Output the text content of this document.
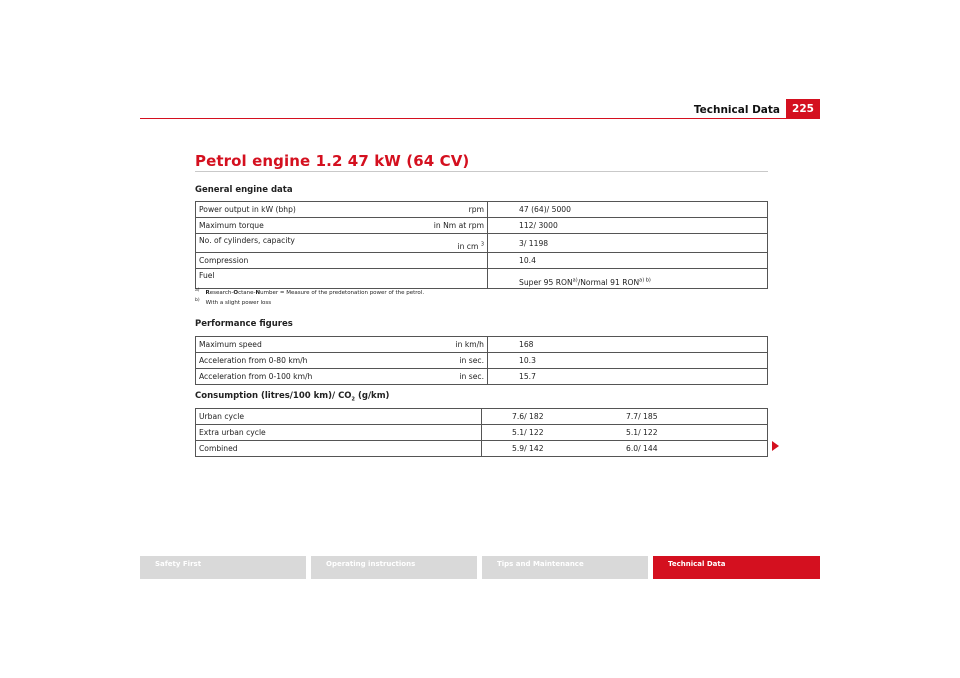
Technical Data	225
Petrol engine 1.2 47 kW (64 CV)
General engine data
Power output in kW (bhp)	rpm	47 (64)/ 5000
Maximum torque	in Nm at rpm	112/ 3000
No. of cylinders, capacity	in cm $^3$	3/ 1198
Compression		10.4
Fuel		Super 95 RON$^{a)}$/Normal 91 $RON^{a) b)}$
$^{a)}$ Research-Octane-Number = Measure of the predetonation power of the petrol.
$^{b)}$ With a slight power loss
Performance figures
Maximum speed	in km/h	168
Acceleration from 0-80 km/h	in sec.	10.3
Acceleration from 0-100 km/h	in sec.	15.7
Consumption (litres/100 km)/ $CO_2$ (g/km)
Urban cycle	7.6/ 182	7.7/ 185
Extra urban cycle	5.1/ 122	5.1/ 122
Combined	5.9/ 142	6.0/ 144
Safety First	Operating instructions	Tips and Maintenance	Technical Data
